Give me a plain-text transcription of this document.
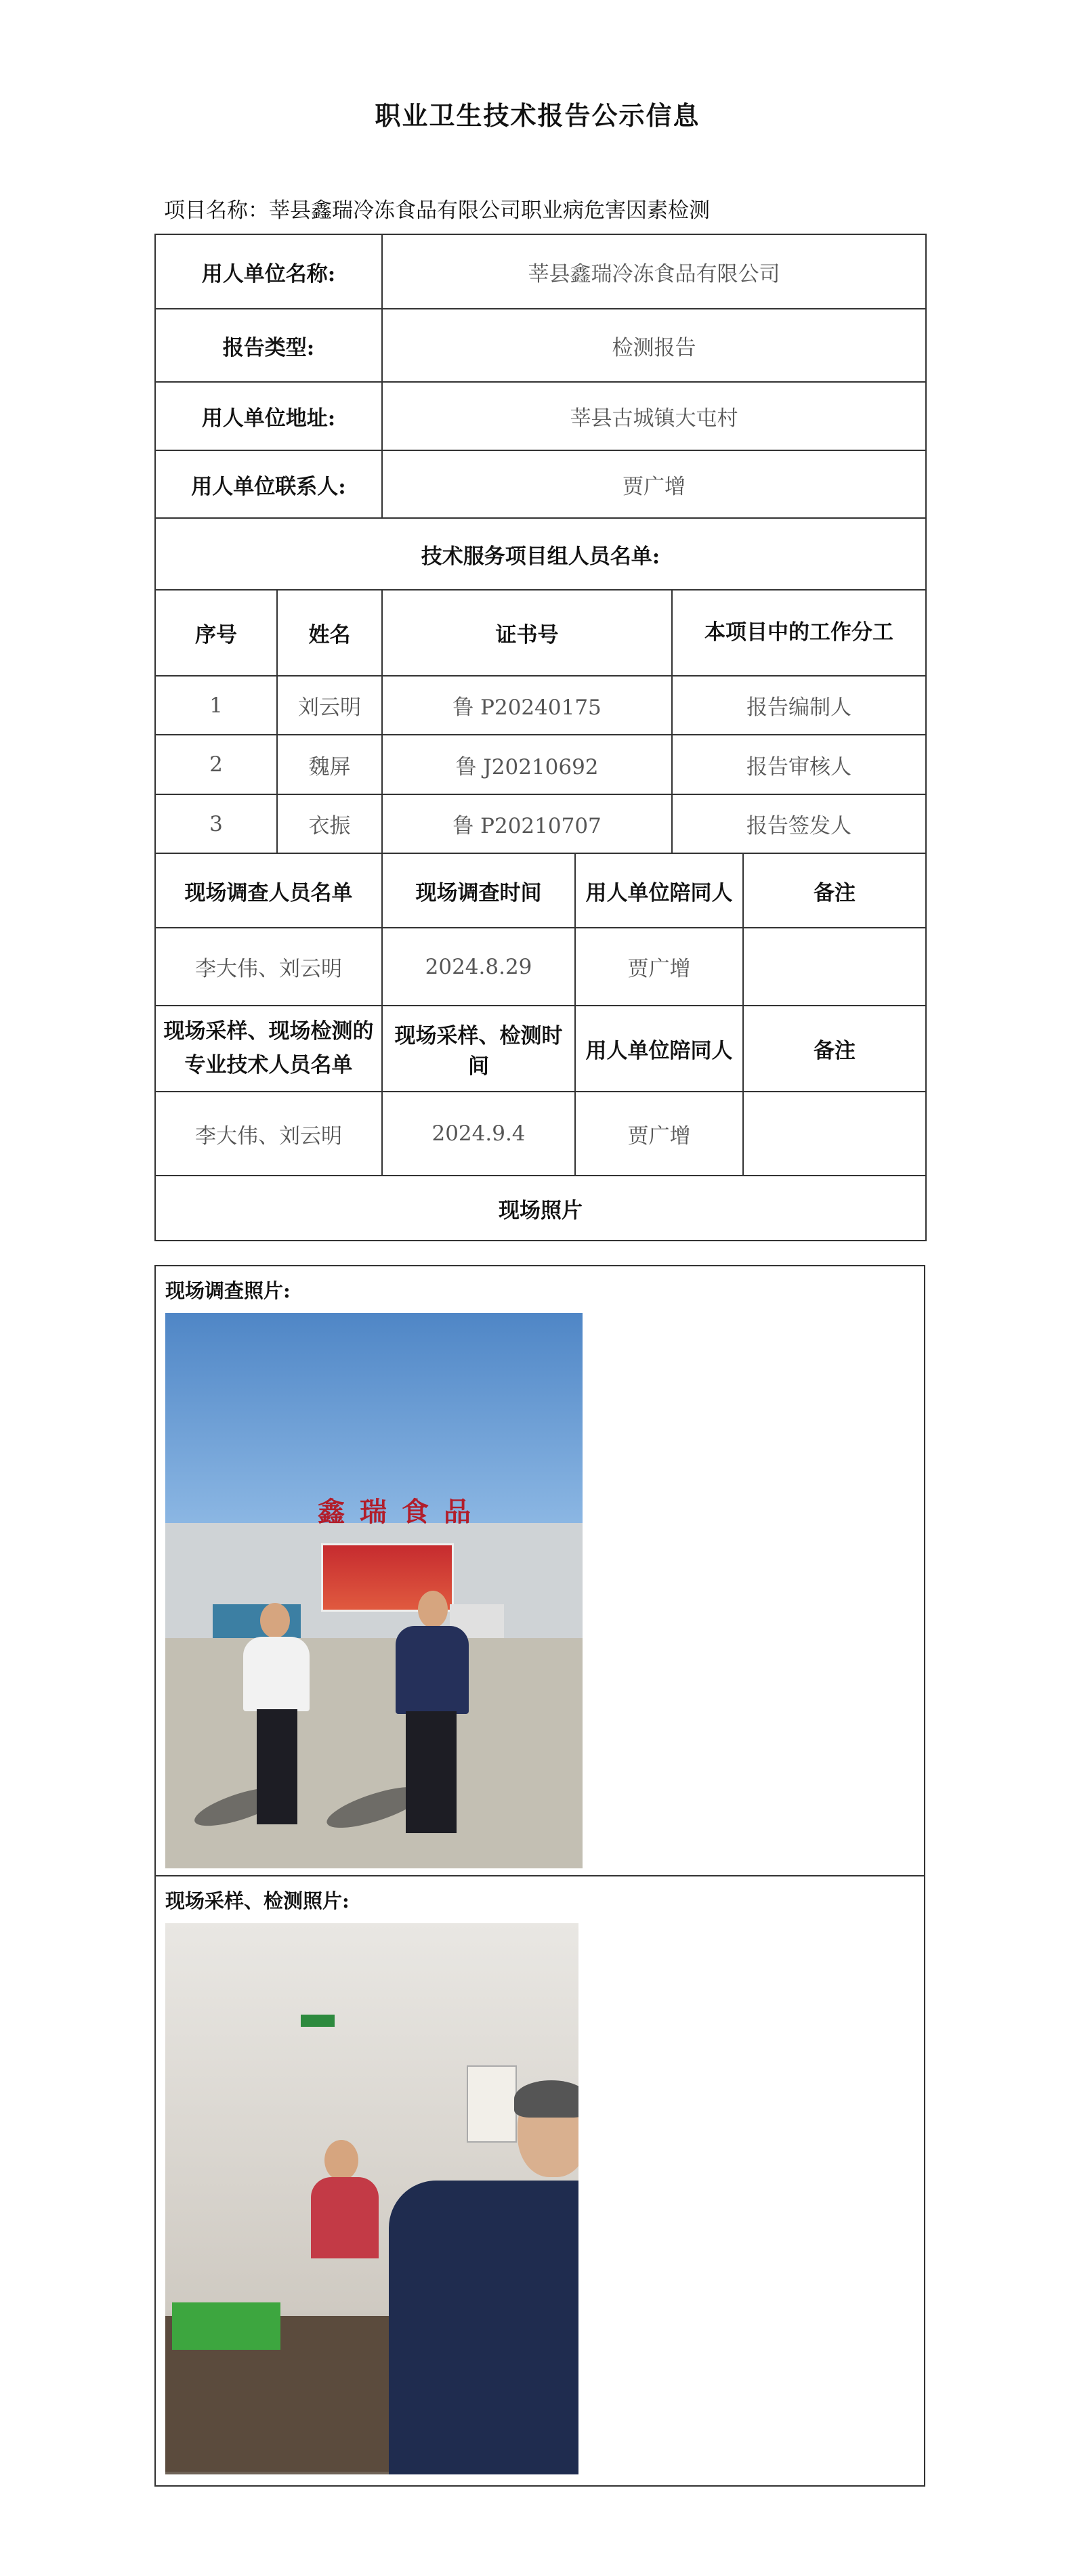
职业卫生技术报告公示信息
项目名称：莘县鑫瑞冷冻食品有限公司职业病危害因素检测
用人单位名称:		莘县鑫瑞冷冻食品有限公司			
报告类型:		检测报告			
用人单位地址:		莘县古城镇大屯村			
用人单位联系人:		贾广增			
技术服务项目组人员名单:					
序号	姓名	证书号		本项目中的工作分工	
1	刘云明	鲁 P20240175		报告编制人	
2	魏屏	鲁 J20210692		报告审核人	
3	衣振	鲁 P20210707		报告签发人	
现场调查人员名单		现场调查时间	用人单位陪同人		备注
李大伟、刘云明		2024.8.29	贾广增		
现场采样、现场检测的专业技术人员名单		现场采样、检测时间	用人单位陪同人		备注
李大伟、刘云明		2024.9.4	贾广增		
现场照片					
现场调查照片:
鑫瑞食品

现场采样、检测照片:
